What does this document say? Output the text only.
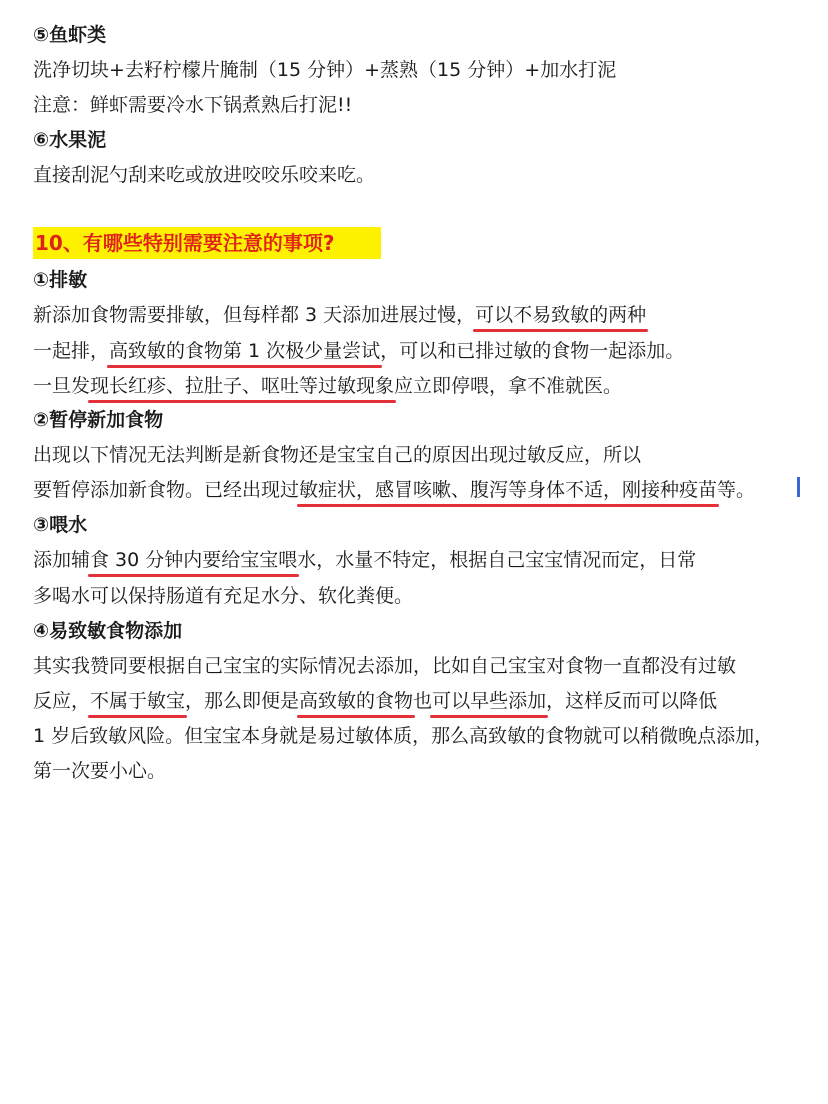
⑤鱼虾类
洗净切块+去籽柠檬片腌制（15 分钟）+蒸熟（15 分钟）+加水打泥
注意：鲜虾需要冷水下锅煮熟后打泥!!
⑥水果泥
直接刮泥勺刮来吃或放进咬咬乐咬来吃。
10、有哪些特别需要注意的事项?
①排敏
新添加食物需要排敏，但每样都 3 天添加进展过慢，可以不易致敏的两种
一起排，高致敏的食物第 1 次极少量尝试，可以和已排过敏的食物一起添加。
一旦发现长红疹、拉肚子、呕吐等过敏现象应立即停喂，拿不准就医。
②暂停新加食物
出现以下情况无法判断是新食物还是宝宝自己的原因出现过敏反应，所以
要暂停添加新食物。已经出现过敏症状，感冒咳嗽、腹泻等身体不适，刚接种疫苗等。
③喂水
添加辅食 30 分钟内要给宝宝喂水，水量不特定，根据自己宝宝情况而定，日常
多喝水可以保持肠道有充足水分、软化粪便。
④易致敏食物添加
其实我赞同要根据自己宝宝的实际情况去添加，比如自己宝宝对食物一直都没有过敏
反应，不属于敏宝，那么即便是高致敏的食物也可以早些添加，这样反而可以降低
1 岁后致敏风险。但宝宝本身就是易过敏体质，那么高致敏的食物就可以稍微晚点添加，
第一次要小心。
